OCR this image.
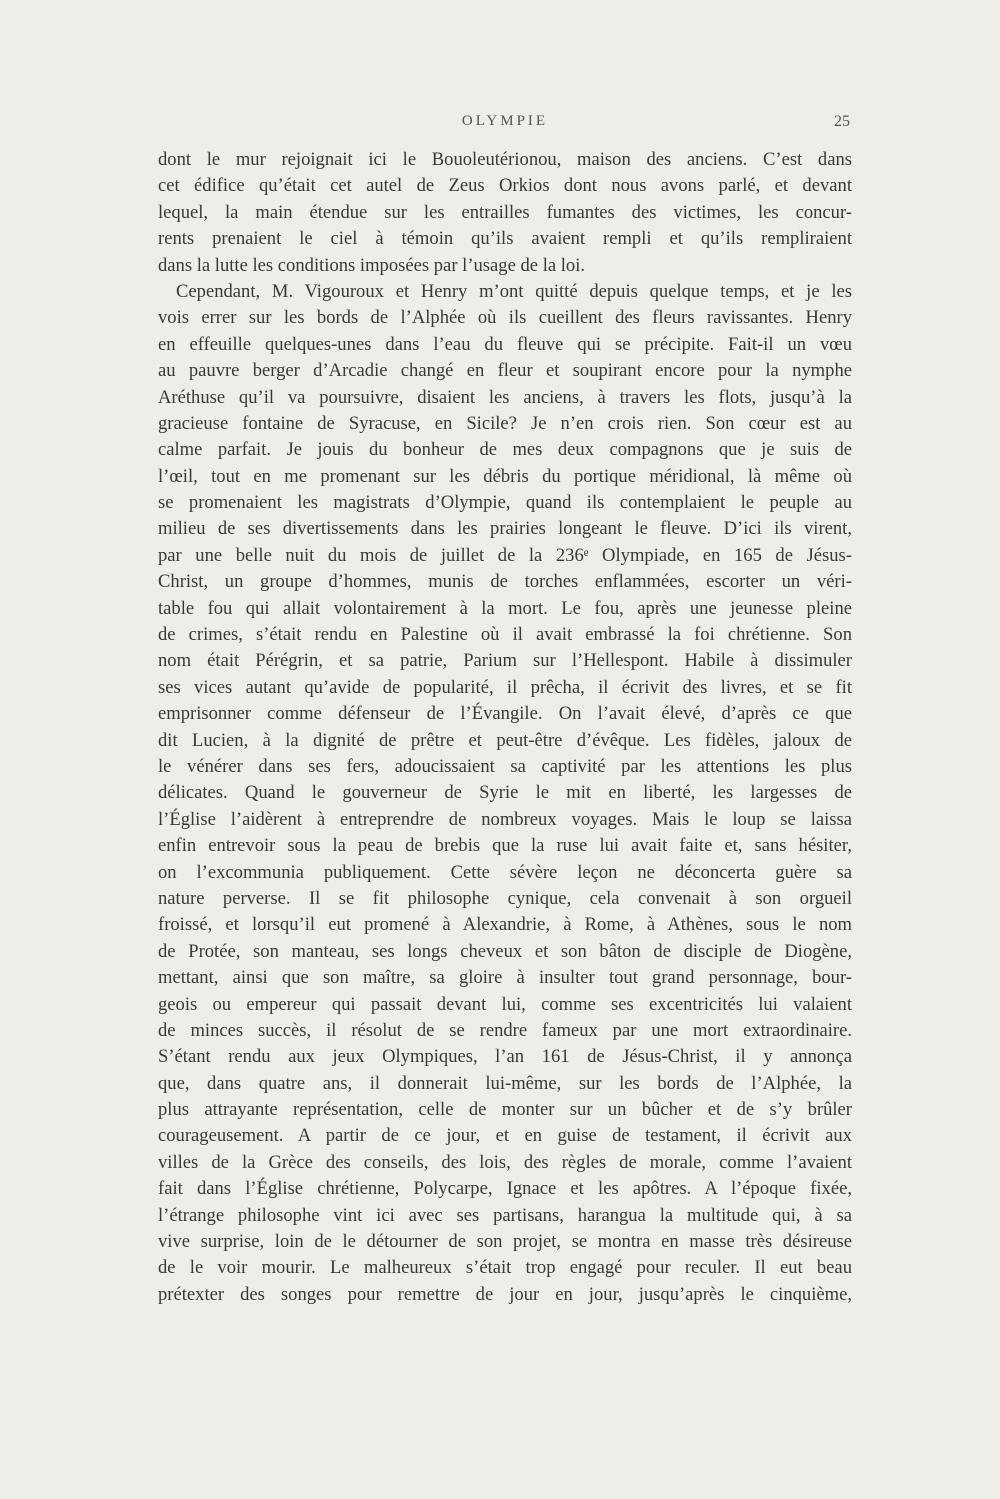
OLYMPIE	25
dont le mur rejoignait ici le Bouoleutérionou, maison des anciens. C’est dans
cet édifice qu’était cet autel de Zeus Orkios dont nous avons parlé, et devant
lequel, la main étendue sur les entrailles fumantes des victimes, les concur-
rents prenaient le ciel à témoin qu’ils avaient rempli et qu’ils rempliraient
dans la lutte les conditions imposées par l’usage de la loi.
Cependant, M. Vigouroux et Henry m’ont quitté depuis quelque temps, et je les
vois errer sur les bords de l’Alphée où ils cueillent des fleurs ravissantes. Henry
en effeuille quelques-unes dans l’eau du fleuve qui se précipite. Fait-il un vœu
au pauvre berger d’Arcadie changé en fleur et soupirant encore pour la nymphe
Aréthuse qu’il va poursuivre, disaient les anciens, à travers les flots, jusqu’à la
gracieuse fontaine de Syracuse, en Sicile? Je n’en crois rien. Son cœur est au
calme parfait. Je jouis du bonheur de mes deux compagnons que je suis de
l’œil, tout en me promenant sur les débris du portique méridional, là même où
se promenaient les magistrats d’Olympie, quand ils contemplaient le peuple au
milieu de ses divertissements dans les prairies longeant le fleuve. D’ici ils virent,
par une belle nuit du mois de juillet de la 236ᵉ Olympiade, en 165 de Jésus-
Christ, un groupe d’hommes, munis de torches enflammées, escorter un véri-
table fou qui allait volontairement à la mort. Le fou, après une jeunesse pleine
de crimes, s’était rendu en Palestine où il avait embrassé la foi chrétienne. Son
nom était Pérégrin, et sa patrie, Parium sur l’Hellespont. Habile à dissimuler
ses vices autant qu’avide de popularité, il prêcha, il écrivit des livres, et se fit
emprisonner comme défenseur de l’Évangile. On l’avait élevé, d’après ce que
dit Lucien, à la dignité de prêtre et peut-être d’évêque. Les fidèles, jaloux de
le vénérer dans ses fers, adoucissaient sa captivité par les attentions les plus
délicates. Quand le gouverneur de Syrie le mit en liberté, les largesses de
l’Église l’aidèrent à entreprendre de nombreux voyages. Mais le loup se laissa
enfin entrevoir sous la peau de brebis que la ruse lui avait faite et, sans hésiter,
on l’excommunia publiquement. Cette sévère leçon ne déconcerta guère sa
nature perverse. Il se fit philosophe cynique, cela convenait à son orgueil
froissé, et lorsqu’il eut promené à Alexandrie, à Rome, à Athènes, sous le nom
de Protée, son manteau, ses longs cheveux et son bâton de disciple de Diogène,
mettant, ainsi que son maître, sa gloire à insulter tout grand personnage, bour-
geois ou empereur qui passait devant lui, comme ses excentricités lui valaient
de minces succès, il résolut de se rendre fameux par une mort extraordinaire.
S’étant rendu aux jeux Olympiques, l’an 161 de Jésus-Christ, il y annonça
que, dans quatre ans, il donnerait lui-même, sur les bords de l’Alphée, la
plus attrayante représentation, celle de monter sur un bûcher et de s’y brûler
courageusement. A partir de ce jour, et en guise de testament, il écrivit aux
villes de la Grèce des conseils, des lois, des règles de morale, comme l’avaient
fait dans l’Église chrétienne, Polycarpe, Ignace et les apôtres. A l’époque fixée,
l’étrange philosophe vint ici avec ses partisans, harangua la multitude qui, à sa
vive surprise, loin de le détourner de son projet, se montra en masse très désireuse
de le voir mourir. Le malheureux s’était trop engagé pour reculer. Il eut beau
prétexter des songes pour remettre de jour en jour, jusqu’après le cinquième,
